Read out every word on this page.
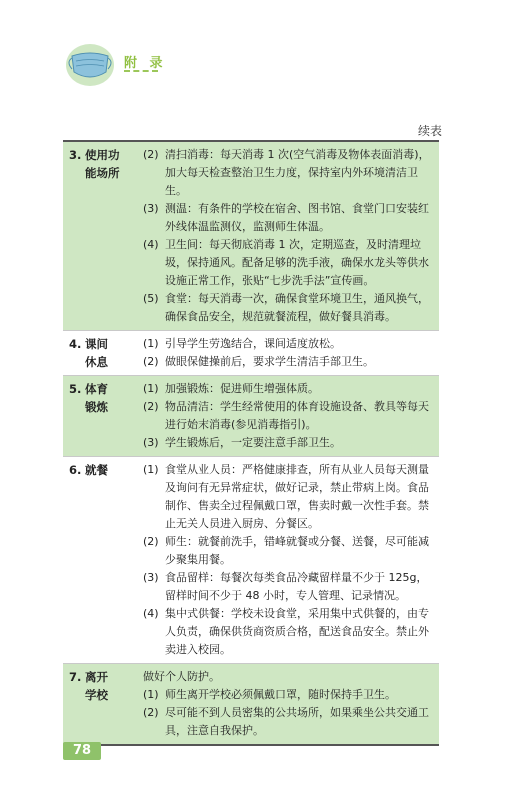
附 录
续表
3. 使用功
能场所
(2) 清扫消毒：每天消毒 1 次(空气消毒及物体表面消毒)，加大每天检查整治卫生力度，保持室内外环境清洁卫生。
(3) 测温：有条件的学校在宿舍、图书馆、食堂门口安装红外线体温监测仪，监测师生体温。
(4) 卫生间：每天彻底消毒 1 次，定期巡查，及时清理垃圾，保持通风。配备足够的洗手液，确保水龙头等供水设施正常工作，张贴“七步洗手法”宣传画。
(5) 食堂：每天消毒一次，确保食堂环境卫生，通风换气，确保食品安全，规范就餐流程，做好餐具消毒。
4. 课间
休息
(1) 引导学生劳逸结合，课间适度放松。
(2) 做眼保健操前后，要求学生清洁手部卫生。
5. 体育
锻炼
(1) 加强锻炼：促进师生增强体质。
(2) 物品清洁：学生经常使用的体育设施设备、教具等每天进行始末消毒(参见消毒指引)。
(3) 学生锻炼后，一定要注意手部卫生。
6. 就餐	(1) 食堂从业人员：严格健康排查，所有从业人员每天测量及询问有无异常症状，做好记录，禁止带病上岗。食品制作、售卖全过程佩戴口罩，售卖时戴一次性手套。禁止无关人员进入厨房、分餐区。
(2) 师生：就餐前洗手，错峰就餐或分餐、送餐，尽可能减少聚集用餐。
(3) 食品留样：每餐次每类食品冷藏留样量不少于 125g，留样时间不少于 48 小时，专人管理、记录情况。
(4) 集中式供餐：学校未设食堂，采用集中式供餐的，由专人负责，确保供货商资质合格，配送食品安全。禁止外卖进入校园。
7. 离开
学校
做好个人防护。
(1) 师生离开学校必须佩戴口罩，随时保持手卫生。
(2) 尽可能不到人员密集的公共场所，如果乘坐公共交通工具，注意自我保护。
78
